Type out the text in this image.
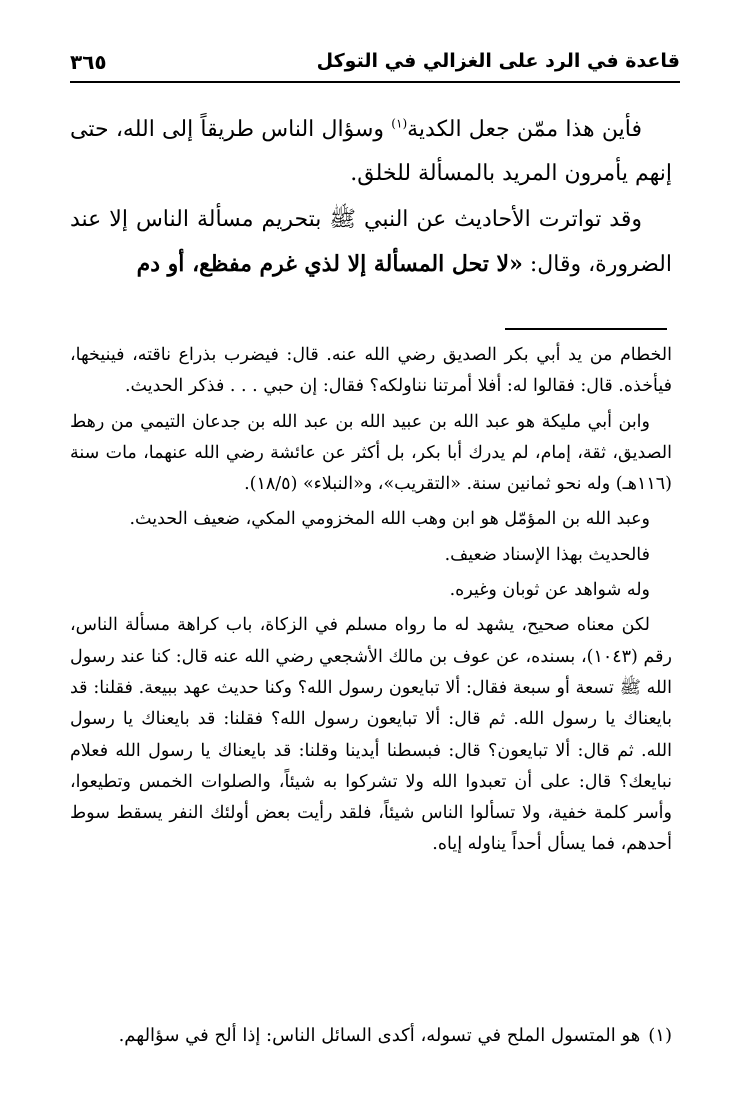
قاعدة في الرد على الغزالي في التوكل
٣٦٥

فأين هذا ممّن جعل الكدية$^{(١)}$ وسؤال الناس طريقاً إلى الله، حتى إنهم يأمرون المريد بالمسألة للخلق.

وقد تواترت الأحاديث عن النبي ﷺ بتحريم مسألة الناس إلا عند الضرورة، وقال: «لا تحل المسألة إلا لذي غرم مفظع، أو دم

الخطام من يد أبي بكر الصديق رضي الله عنه. قال: فيضرب بذراع ناقته، فينيخها، فيأخذه. قال: فقالوا له: أفلا أمرتنا نناولكه؟ فقال: إن حبي . . . فذكر الحديث.

وابن أبي مليكة هو عبد الله بن عبيد الله بن عبد الله بن جدعان التيمي من رهط الصديق، ثقة، إمام، لم يدرك أبا بكر، بل أكثر عن عائشة رضي الله عنهما، مات سنة (١١٦هـ) وله نحو ثمانين سنة. «التقريب»، و«النبلاء» (١٨/٥).

وعبد الله بن المؤمّل هو ابن وهب الله المخزومي المكي، ضعيف الحديث.

فالحديث بهذا الإسناد ضعيف.

وله شواهد عن ثوبان وغيره.

لكن معناه صحيح، يشهد له ما رواه مسلم في الزكاة، باب كراهة مسألة الناس، رقم (١٠٤٣)، بسنده، عن عوف بن مالك الأشجعي رضي الله عنه قال: كنا عند رسول الله ﷺ تسعة أو سبعة فقال: ألا تبايعون رسول الله؟ وكنا حديث عهد ببيعة. فقلنا: قد بايعناك يا رسول الله. ثم قال: ألا تبايعون رسول الله؟ فقلنا: قد بايعناك يا رسول الله. ثم قال: ألا تبايعون؟ قال: فبسطنا أيدينا وقلنا: قد بايعناك يا رسول الله فعلام نبايعك؟ قال: على أن تعبدوا الله ولا تشركوا به شيئاً، والصلوات الخمس وتطيعوا، وأسر كلمة خفية، ولا تسألوا الناس شيئاً، فلقد رأيت بعض أولئك النفر يسقط سوط أحدهم، فما يسأل أحداً يناوله إياه.

(١)هو المتسول الملح في تسوله، أكدى السائل الناس: إذا ألح في سؤالهم.
